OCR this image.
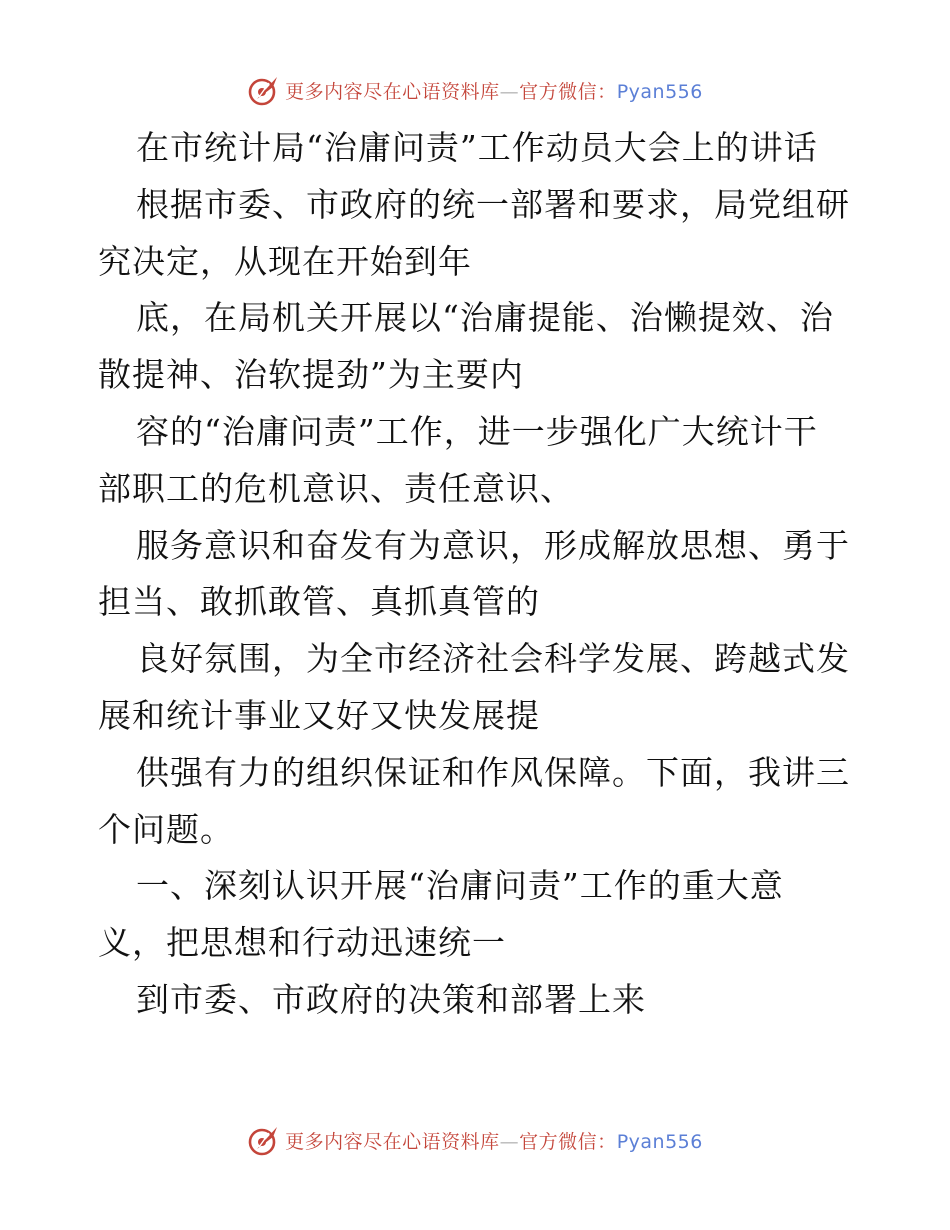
更多内容尽在心语资料库—官方微信：Pyan556
在市统计局“治庸问责”工作动员大会上的讲话
根据市委、市政府的统一部署和要求，局党组研
究决定，从现在开始到年
底，在局机关开展以“治庸提能、治懒提效、治
散提神、治软提劲”为主要内
容的“治庸问责”工作，进一步强化广大统计干
部职工的危机意识、责任意识、
服务意识和奋发有为意识，形成解放思想、勇于
担当、敢抓敢管、真抓真管的
良好氛围，为全市经济社会科学发展、跨越式发
展和统计事业又好又快发展提
供强有力的组织保证和作风保障。下面，我讲三
个问题。
一、深刻认识开展“治庸问责”工作的重大意
义，把思想和行动迅速统一
到市委、市政府的决策和部署上来
更多内容尽在心语资料库—官方微信：Pyan556
